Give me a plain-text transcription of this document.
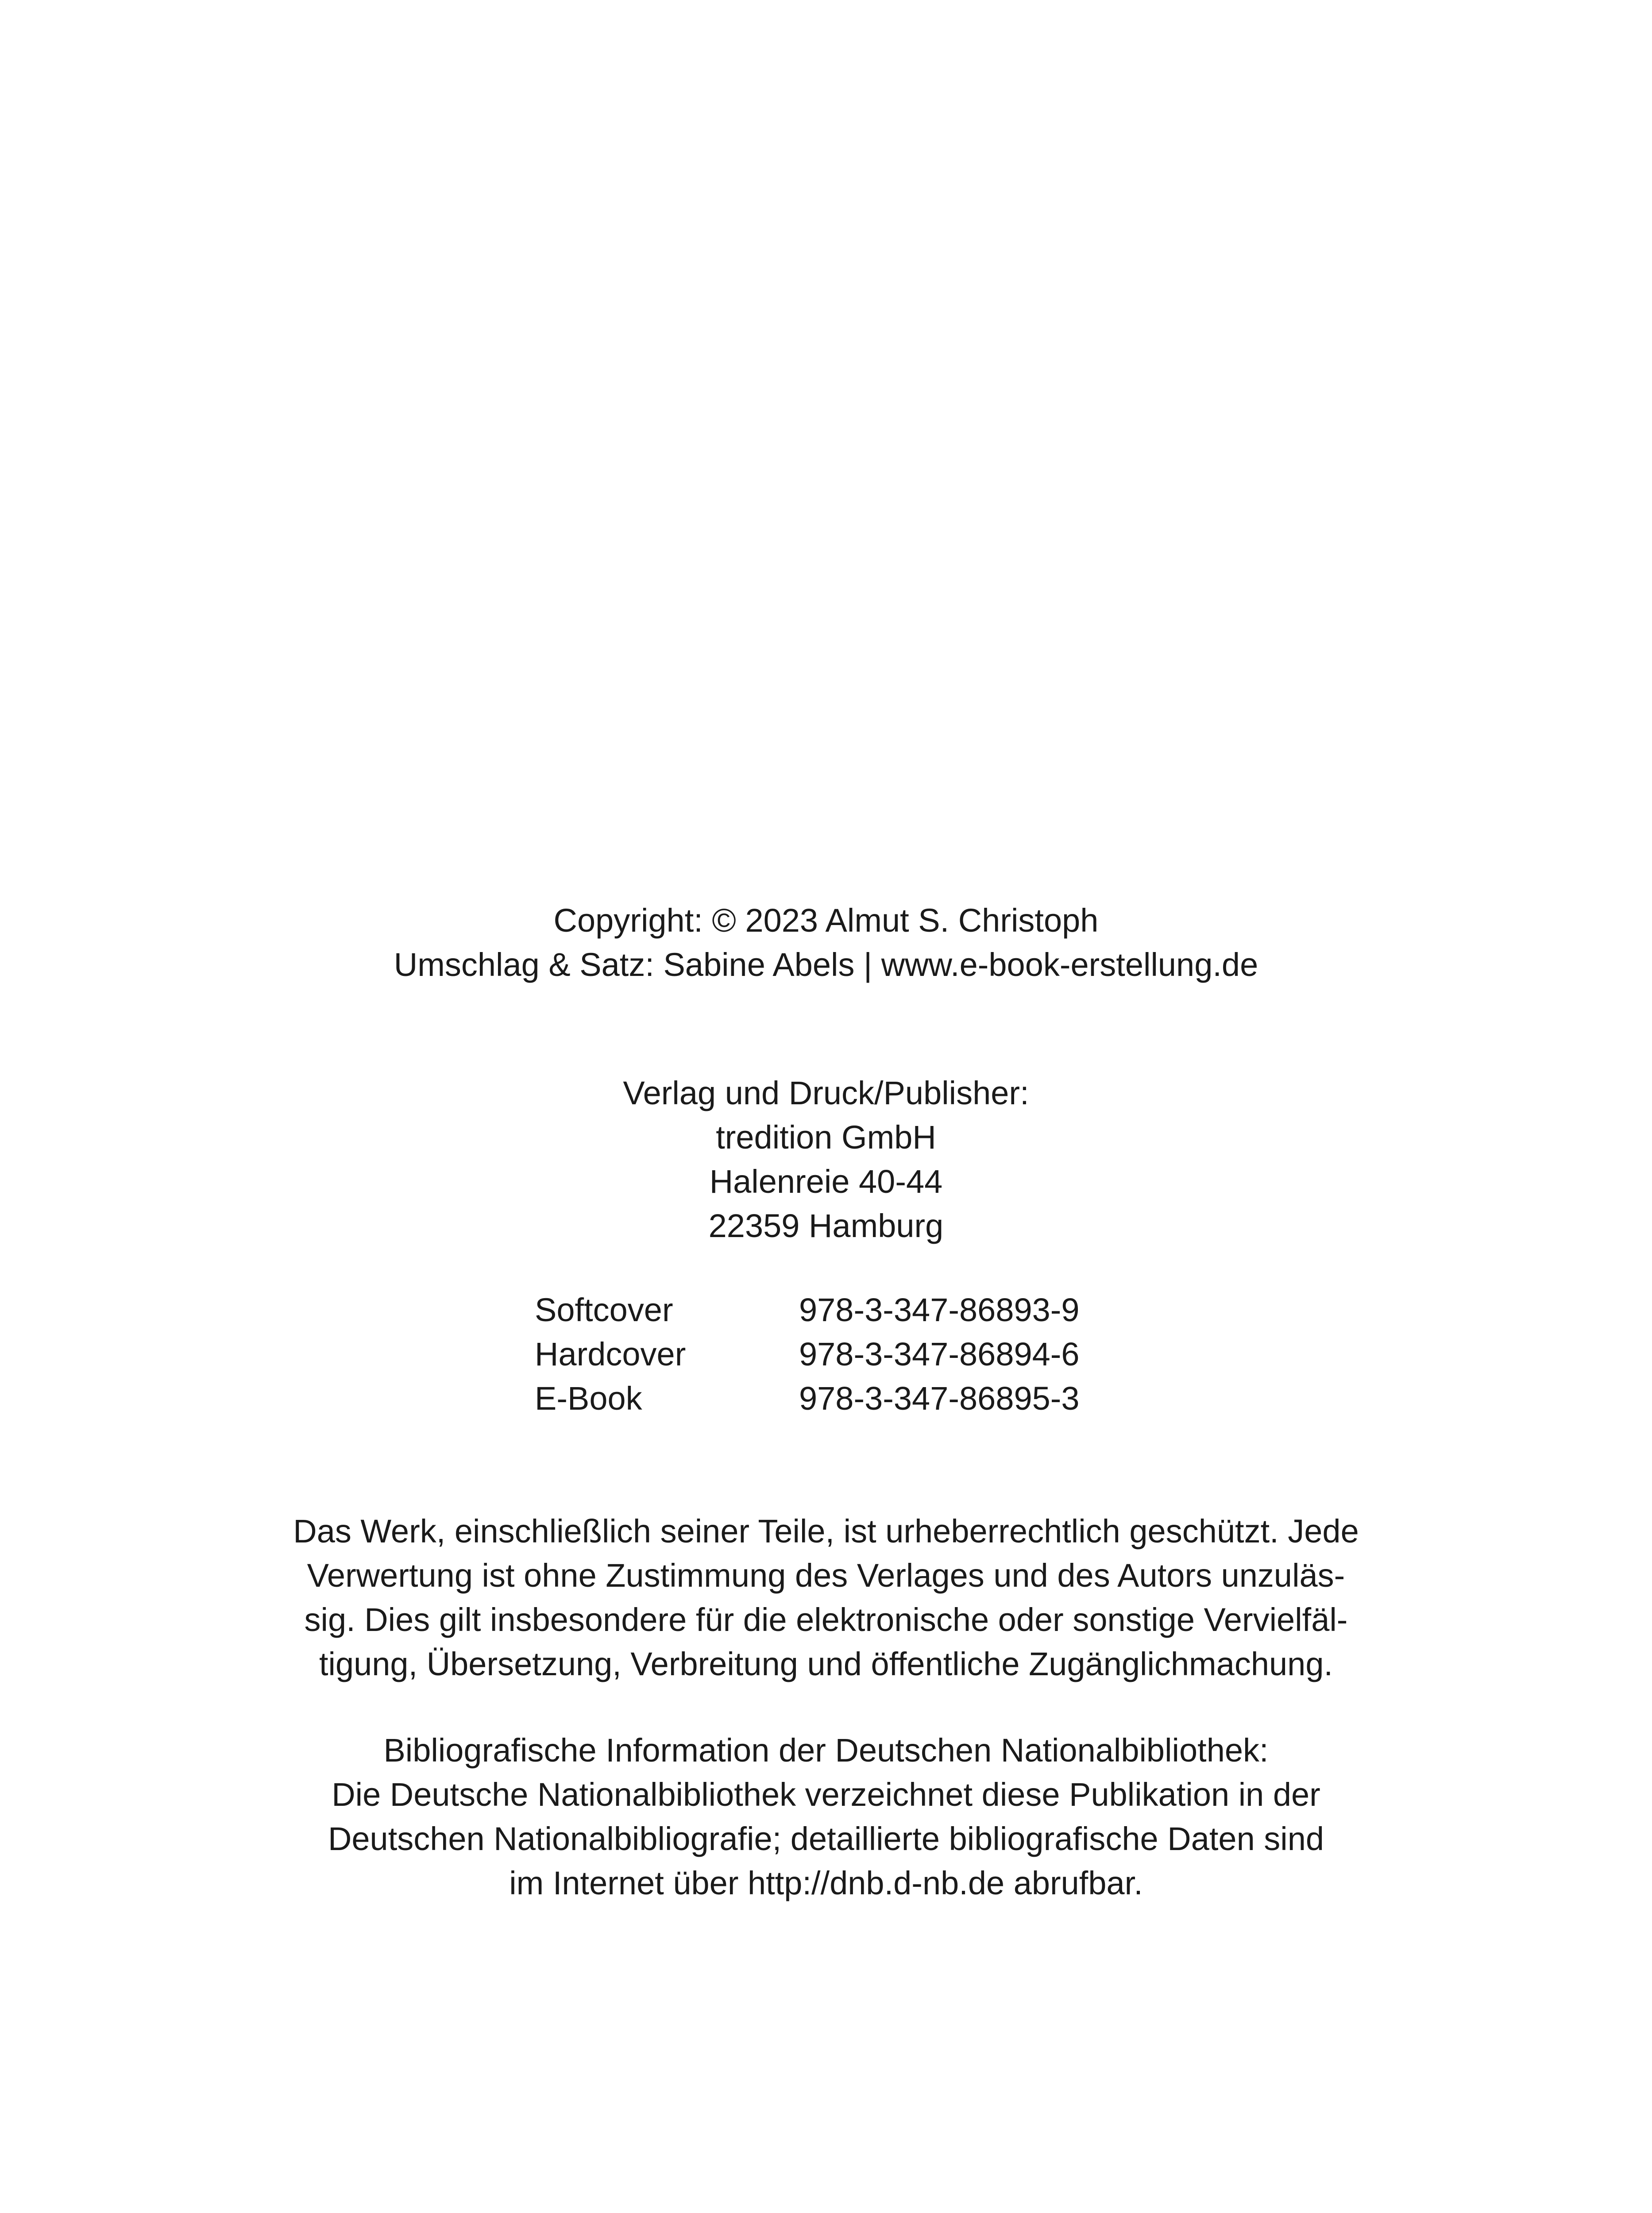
Copyright: © 2023 Almut S. Christoph
Umschlag & Satz: Sabine Abels | www.e-book-erstellung.de
Verlag und Druck/Publisher:
tredition GmbH
Halenreie 40-44
22359 Hamburg
Softcover	978-3-347-86893-9
Hardcover	978-3-347-86894-6
E-Book	978-3-347-86895-3
Das Werk, einschließlich seiner Teile, ist urheberrechtlich geschützt. Jede
Verwertung ist ohne Zustimmung des Verlages und des Autors unzuläs-
sig. Dies gilt insbesondere für die elektronische oder sonstige Vervielfäl-
tigung, Übersetzung, Verbreitung und öffentliche Zugänglichmachung.
Bibliografische Information der Deutschen Nationalbibliothek:
Die Deutsche Nationalbibliothek verzeichnet diese Publikation in der
Deutschen Nationalbibliografie; detaillierte bibliografische Daten sind
im Internet über http://dnb.d-nb.de abrufbar.
